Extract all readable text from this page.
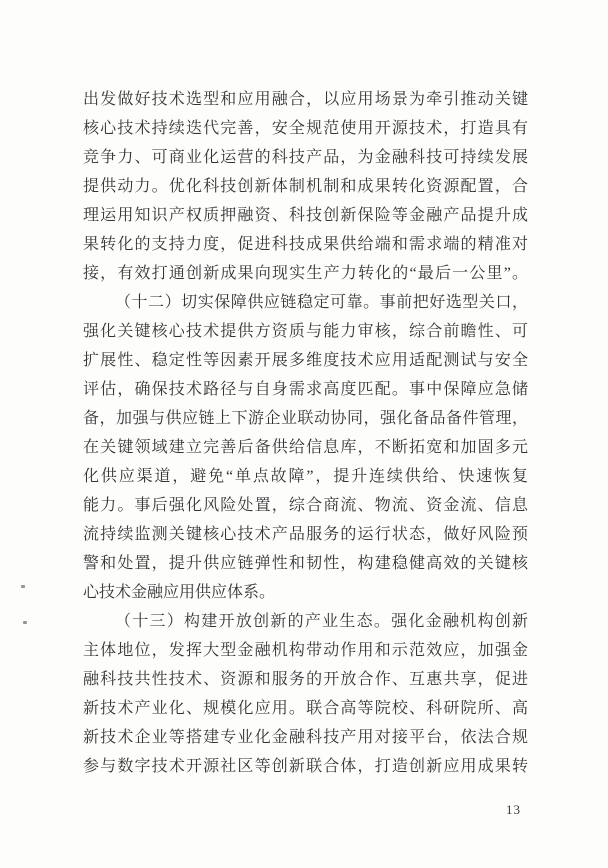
出发做好技术选型和应用融合，以应用场景为牵引推动关键
核心技术持续迭代完善，安全规范使用开源技术，打造具有
竞争力、可商业化运营的科技产品，为金融科技可持续发展
提供动力。优化科技创新体制机制和成果转化资源配置，合
理运用知识产权质押融资、科技创新保险等金融产品提升成
果转化的支持力度，促进科技成果供给端和需求端的精准对
接，有效打通创新成果向现实生产力转化的“最后一公里”。
（十二）切实保障供应链稳定可靠。事前把好选型关口，
强化关键核心技术提供方资质与能力审核，综合前瞻性、可
扩展性、稳定性等因素开展多维度技术应用适配测试与安全
评估，确保技术路径与自身需求高度匹配。事中保障应急储
备，加强与供应链上下游企业联动协同，强化备品备件管理，
在关键领域建立完善后备供给信息库，不断拓宽和加固多元
化供应渠道，避免“单点故障”，提升连续供给、快速恢复
能力。事后强化风险处置，综合商流、物流、资金流、信息
流持续监测关键核心技术产品服务的运行状态，做好风险预
警和处置，提升供应链弹性和韧性，构建稳健高效的关键核
心技术金融应用供应体系。
（十三）构建开放创新的产业生态。强化金融机构创新
主体地位，发挥大型金融机构带动作用和示范效应，加强金
融科技共性技术、资源和服务的开放合作、互惠共享，促进
新技术产业化、规模化应用。联合高等院校、科研院所、高
新技术企业等搭建专业化金融科技产用对接平台，依法合规
参与数字技术开源社区等创新联合体，打造创新应用成果转
13
